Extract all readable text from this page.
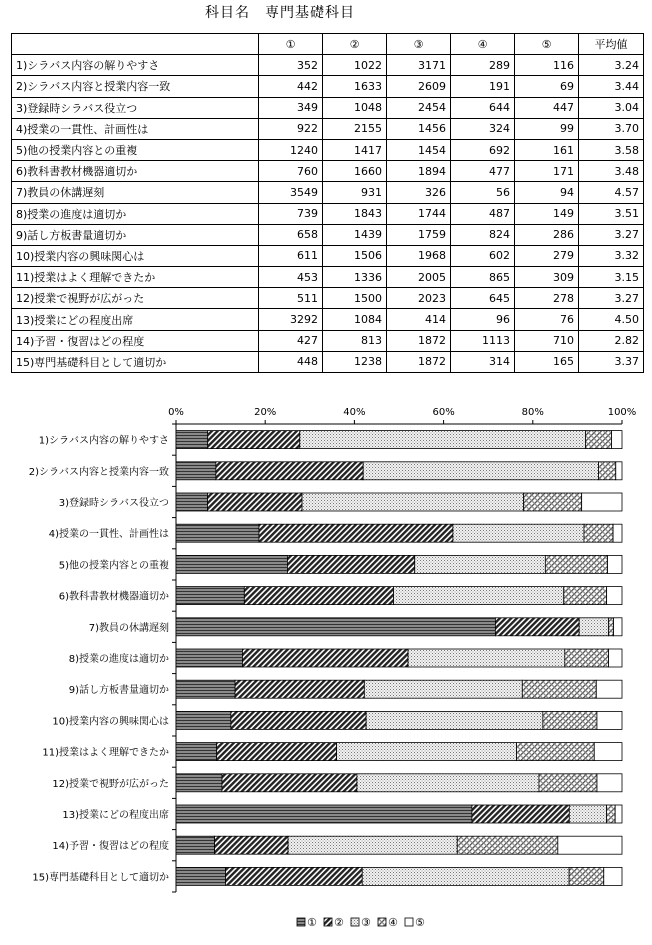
科目名　専門基礎科目
	①	②	③	④	⑤	平均値
1)シラバス内容の解りやすさ	352	1022	3171	289	116	3.24
2)シラバス内容と授業内容一致	442	1633	2609	191	69	3.44
3)登録時シラバス役立つ	349	1048	2454	644	447	3.04
4)授業の一貫性、計画性は	922	2155	1456	324	99	3.70
5)他の授業内容との重複	1240	1417	1454	692	161	3.58
6)教科書教材機器適切か	760	1660	1894	477	171	3.48
7)教員の休講遅刻	3549	931	326	56	94	4.57
8)授業の進度は適切か	739	1843	1744	487	149	3.51
9)話し方板書量適切か	658	1439	1759	824	286	3.27
10)授業内容の興味関心は	611	1506	1968	602	279	3.32
11)授業はよく理解できたか	453	1336	2005	865	309	3.15
12)授業で視野が広がった	511	1500	2023	645	278	3.27
13)授業にどの程度出席	3292	1084	414	96	76	4.50
14)予習・復習はどの程度	427	813	1872	1113	710	2.82
15)専門基礎科目として適切か	448	1238	1872	314	165	3.37
0%	20%	40%	60%	80%	100%
1)シラバス内容の解りやすさ
2)シラバス内容と授業内容一致
3)登録時シラバス役立つ
4)授業の一貫性、計画性は
5)他の授業内容との重複
6)教科書教材機器適切か
7)教員の休講遅刻
8)授業の進度は適切か
9)話し方板書量適切か
10)授業内容の興味関心は
11)授業はよく理解できたか
12)授業で視野が広がった
13)授業にどの程度出席
14)予習・復習はどの程度
15)専門基礎科目として適切か
① ② ③ ④ ⑤
